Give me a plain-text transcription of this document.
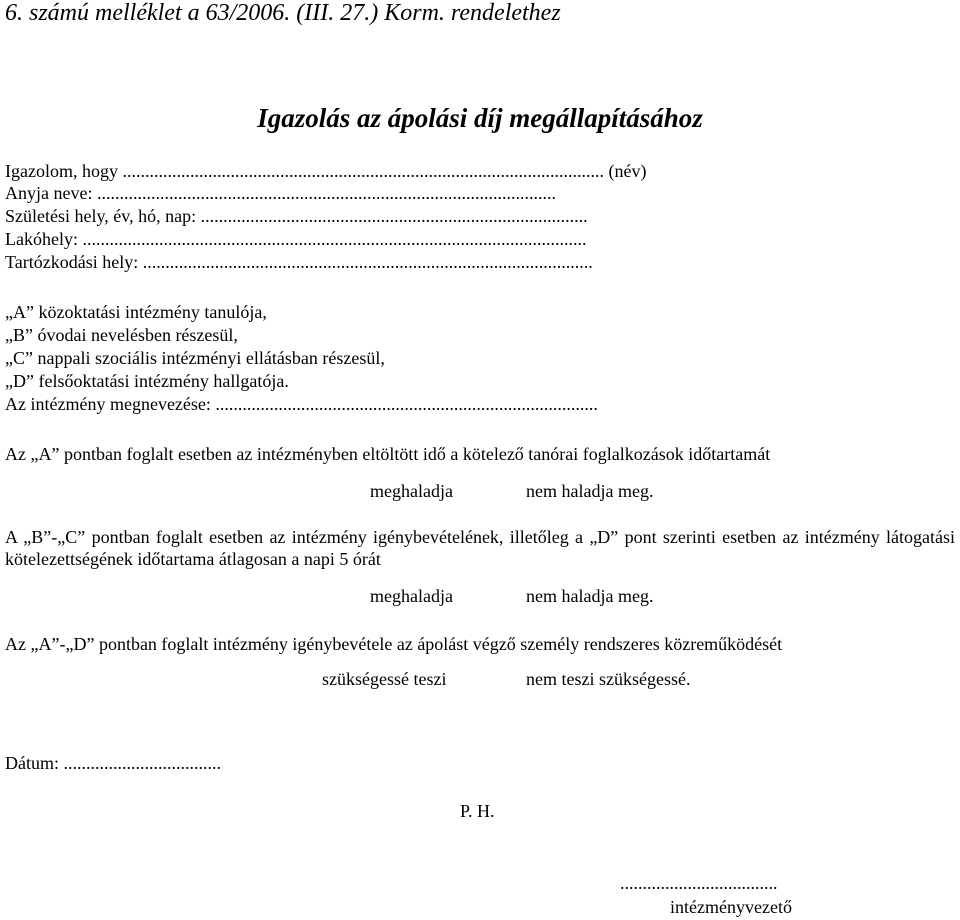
6. számú melléklet a 63/2006. (III. 27.) Korm. rendelethez
Igazolás az ápolási díj megállapításához
Igazolom, hogy ........................................................................................................... (név)
Anyja neve: ......................................................................................................
Születési hely, év, hó, nap: ......................................................................................
Lakóhely: ................................................................................................................
Tartózkodási hely: ....................................................................................................
„A” közoktatási intézmény tanulója,
„B” óvodai nevelésben részesül,
„C” nappali szociális intézményi ellátásban részesül,
„D” felsőoktatási intézmény hallgatója.
Az intézmény megnevezése: .....................................................................................
Az „A” pontban foglalt esetben az intézményben eltöltött idő a kötelező tanórai foglalkozások időtartamát
meghaladja	nem haladja meg.
A „B”-„C” pontban foglalt esetben az intézmény igénybevételének, illetőleg a „D” pont szerinti esetben az intézmény látogatási kötelezettségének időtartama átlagosan a napi 5 órát
meghaladja	nem haladja meg.
Az „A”-„D” pontban foglalt intézmény igénybevétele az ápolást végző személy rendszeres közreműködését
szükségessé teszi	nem teszi szükségessé.
Dátum: ...................................
P. H.
...................................
intézményvezető
